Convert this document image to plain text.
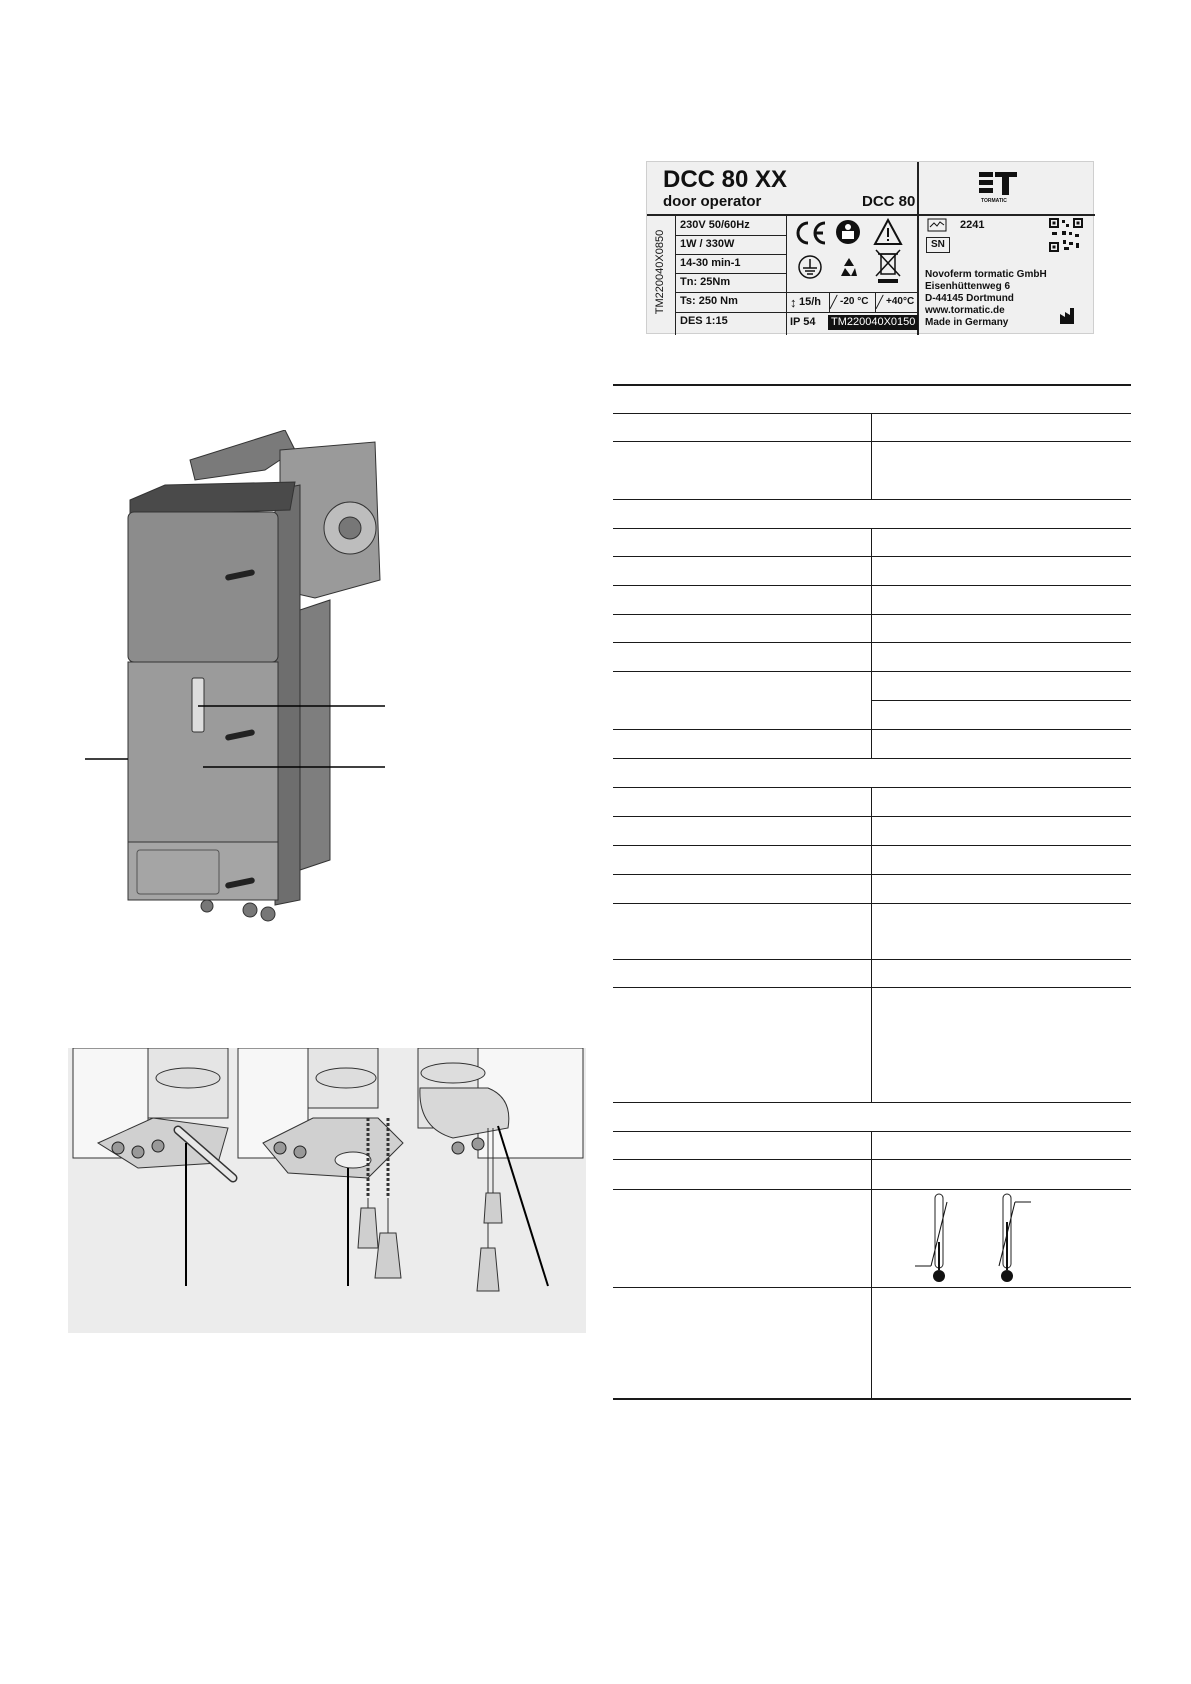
DCC 80 XX
door operator	DCC 80	TORMATIC
TM220040X0850
230V 50/60Hz
1W / 330W
14-30 min-1
Tn: 25Nm
Ts: 250 Nm
DES 1:15
↕ 15/h ╱ -20 °C ╱ +40°C
IP 54 TM220040X0150
2241
SN
Novoferm tormatic GmbH
Eisenhüttenweg 6
D-44145 Dortmund
www.tormatic.de
Made in Germany
